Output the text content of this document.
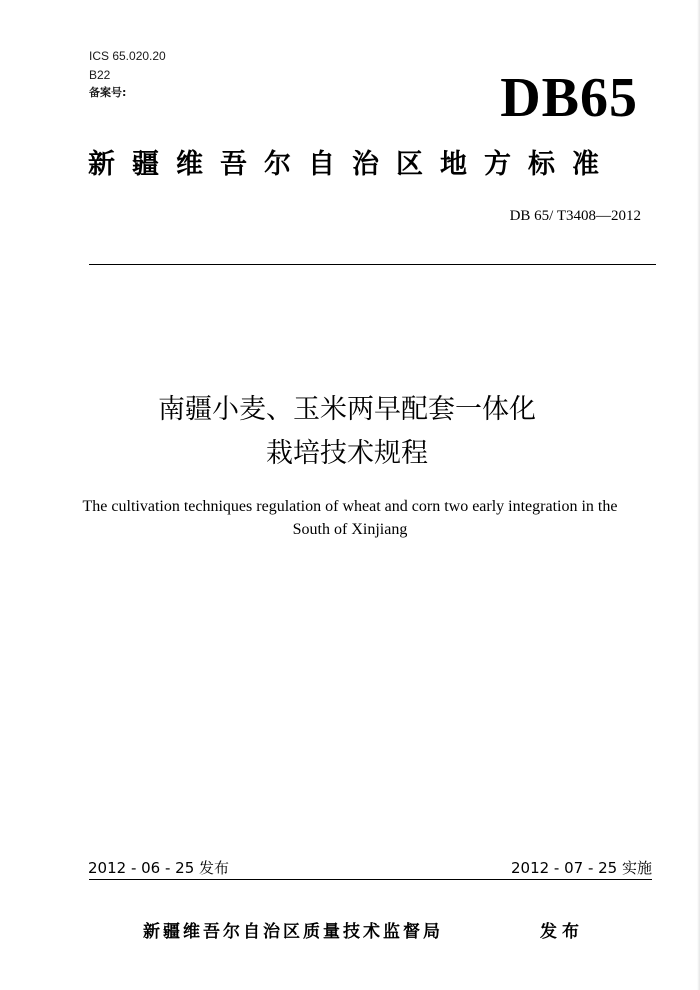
ICS 65.020.20
B22
备案号:	DB65
新疆维吾尔自治区地方标准
DB 65/ T3408—2012
南疆小麦、玉米两早配套一体化
栽培技术规程
The cultivation techniques regulation of wheat and corn two early integration in the
South of Xinjiang
2012 - 06 - 25 发布	2012 - 07 - 25 实施
新疆维吾尔自治区质量技术监督局	发布
